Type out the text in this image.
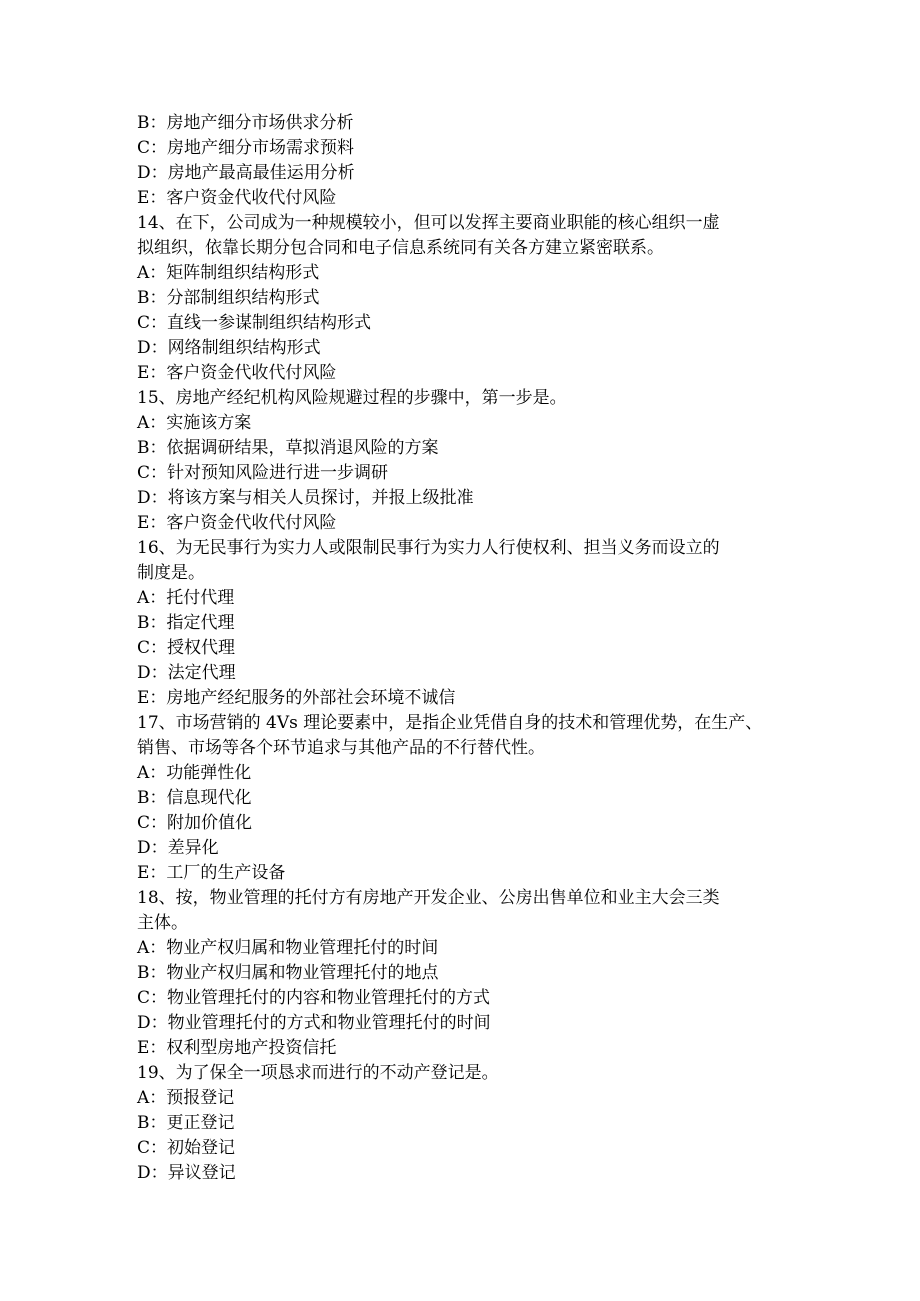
B：房地产细分市场供求分析
C：房地产细分市场需求预料
D：房地产最高最佳运用分析
E：客户资金代收代付风险
14、在下，公司成为一种规模较小，但可以发挥主要商业职能的核心组织一虚
拟组织，依靠长期分包合同和电子信息系统同有关各方建立紧密联系。
A：矩阵制组织结构形式
B：分部制组织结构形式
C：直线一参谋制组织结构形式
D：网络制组织结构形式
E：客户资金代收代付风险
15、房地产经纪机构风险规避过程的步骤中，第一步是。
A：实施该方案
B：依据调研结果，草拟消退风险的方案
C：针对预知风险进行进一步调研
D：将该方案与相关人员探讨，并报上级批准
E：客户资金代收代付风险
16、为无民事行为实力人或限制民事行为实力人行使权利、担当义务而设立的
制度是。
A：托付代理
B：指定代理
C：授权代理
D：法定代理
E：房地产经纪服务的外部社会环境不诚信
17、市场营销的 4Vs 理论要素中，是指企业凭借自身的技术和管理优势，在生产、
销售、市场等各个环节追求与其他产品的不行替代性。
A：功能弹性化
B：信息现代化
C：附加价值化
D：差异化
E：工厂的生产设备
18、按，物业管理的托付方有房地产开发企业、公房出售单位和业主大会三类
主体。
A：物业产权归属和物业管理托付的时间
B：物业产权归属和物业管理托付的地点
C：物业管理托付的内容和物业管理托付的方式
D：物业管理托付的方式和物业管理托付的时间
E：权利型房地产投资信托
19、为了保全一项恳求而进行的不动产登记是。
A：预报登记
B：更正登记
C：初始登记
D：异议登记
